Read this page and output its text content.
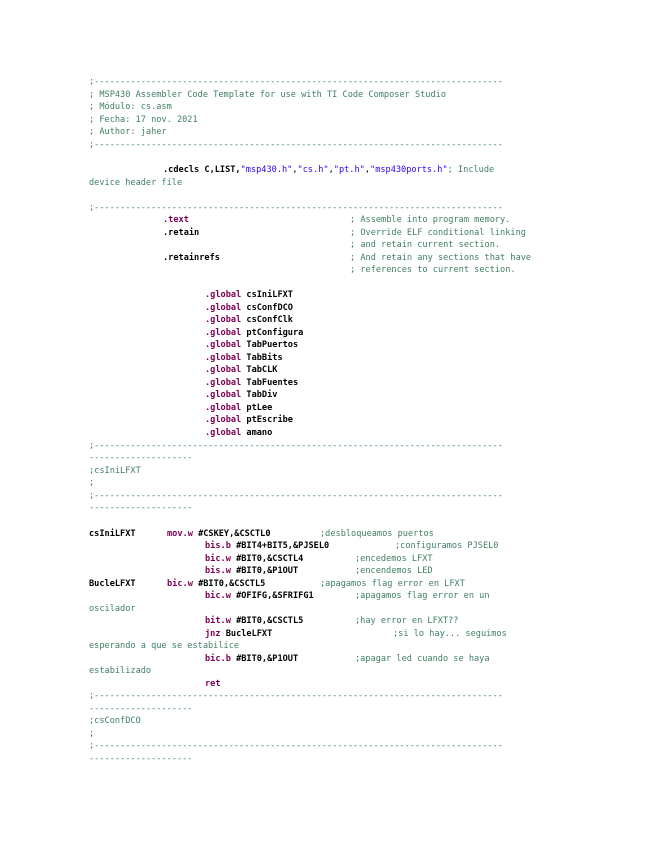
;-------------------------------------------------------------------------------
; MSP430 Assembler Code Template for use with TI Code Composer Studio
; Módulo: cs.asm
; Fecha: 17 nov. 2021
; Author: jaher
;-------------------------------------------------------------------------------
.cdecls C,LIST,"msp430.h","cs.h","pt.h","msp430ports.h"; Include
device header file
;-------------------------------------------------------------------------------
.text	; Assemble into program memory.
.retain	; Override ELF conditional linking
; and retain current section.
.retainrefs	; And retain any sections that have
; references to current section.
.global csIniLFXT
.global csConfDCO
.global csConfClk
.global ptConfigura
.global TabPuertos
.global TabBits
.global TabCLK
.global TabFuentes
.global TabDiv
.global ptLee
.global ptEscribe
.global amano
;-------------------------------------------------------------------------------
--------------------
;csIniLFXT
;
;-------------------------------------------------------------------------------
--------------------
csIniLFXT	mov.w #CSKEY,&CSCTL0	;desbloqueamos puertos
bis.b #BIT4+BIT5,&PJSEL0	;configuramos PJSEL0
bic.w #BIT0,&CSCTL4	;encedemos LFXT
bis.w #BIT0,&P1OUT	;encendemos LED
BucleLFXT	bic.w #BIT0,&CSCTL5	;apagamos flag error en LFXT
bic.w #OFIFG,&SFRIFG1	;apagamos flag error en un
oscilador
bit.w #BIT0,&CSCTL5	;hay error en LFXT??
jnz BucleLFXT	;si lo hay... seguimos
esperando a que se estabilice
bic.b #BIT0,&P1OUT	;apagar led cuando se haya
estabilizado
ret
;-------------------------------------------------------------------------------
--------------------
;csConfDCO
;
;-------------------------------------------------------------------------------
--------------------
